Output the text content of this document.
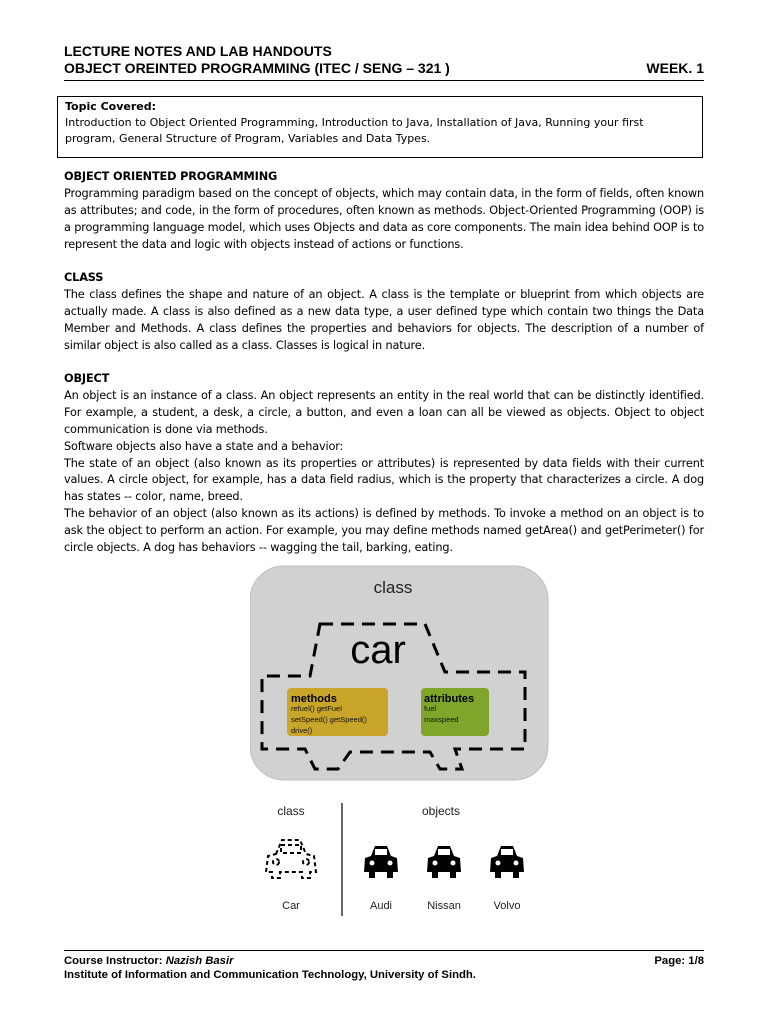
LECTURE NOTES AND LAB HANDOUTS
OBJECT OREINTED PROGRAMMING (ITEC / SENG – 321 )	WEEK. 1
Topic Covered:
Introduction to Object Oriented Programming, Introduction to Java, Installation of Java, Running your first program, General Structure of Program, Variables and Data Types.
OBJECT ORIENTED PROGRAMMING

Programming paradigm based on the concept of objects, which may contain data, in the form of fields, often known as attributes; and code, in the form of procedures, often known as methods. Object-Oriented Programming (OOP) is a programming language model, which uses Objects and data as core components. The main idea behind OOP is to represent the data and logic with objects instead of actions or functions.

CLASS

The class defines the shape and nature of an object. A class is the template or blueprint from which objects are actually made. A class is also defined as a new data type, a user defined type which contain two things the Data Member and Methods. A class defines the properties and behaviors for objects. The description of a number of similar object is also called as a class. Classes is logical in nature.

OBJECT

An object is an instance of a class. An object represents an entity in the real world that can be distinctly identified. For example, a student, a desk, a circle, a button, and even a loan can all be viewed as objects. Object to object communication is done via methods.

Software objects also have a state and a behavior:

The state of an object (also known as its properties or attributes) is represented by data fields with their current values. A circle object, for example, has a data field radius, which is the property that characterizes a circle. A dog has states -- color, name, breed.

The behavior of an object (also known as its actions) is defined by methods. To invoke a method on an object is to ask the object to perform an action. For example, you may define methods named getArea() and getPerimeter() for circle objects. A dog has behaviors -- wagging the tail, barking, eating.

class
car
methods
refuel() getFuel
setSpeed() getSpeed()
drive()
attributes
fuel
maxspeed
class	objects
Car	Audi	Nissan	Volvo
Course Instructor: Nazish Basir	Page: 1/8
Institute of Information and Communication Technology, University of Sindh.
